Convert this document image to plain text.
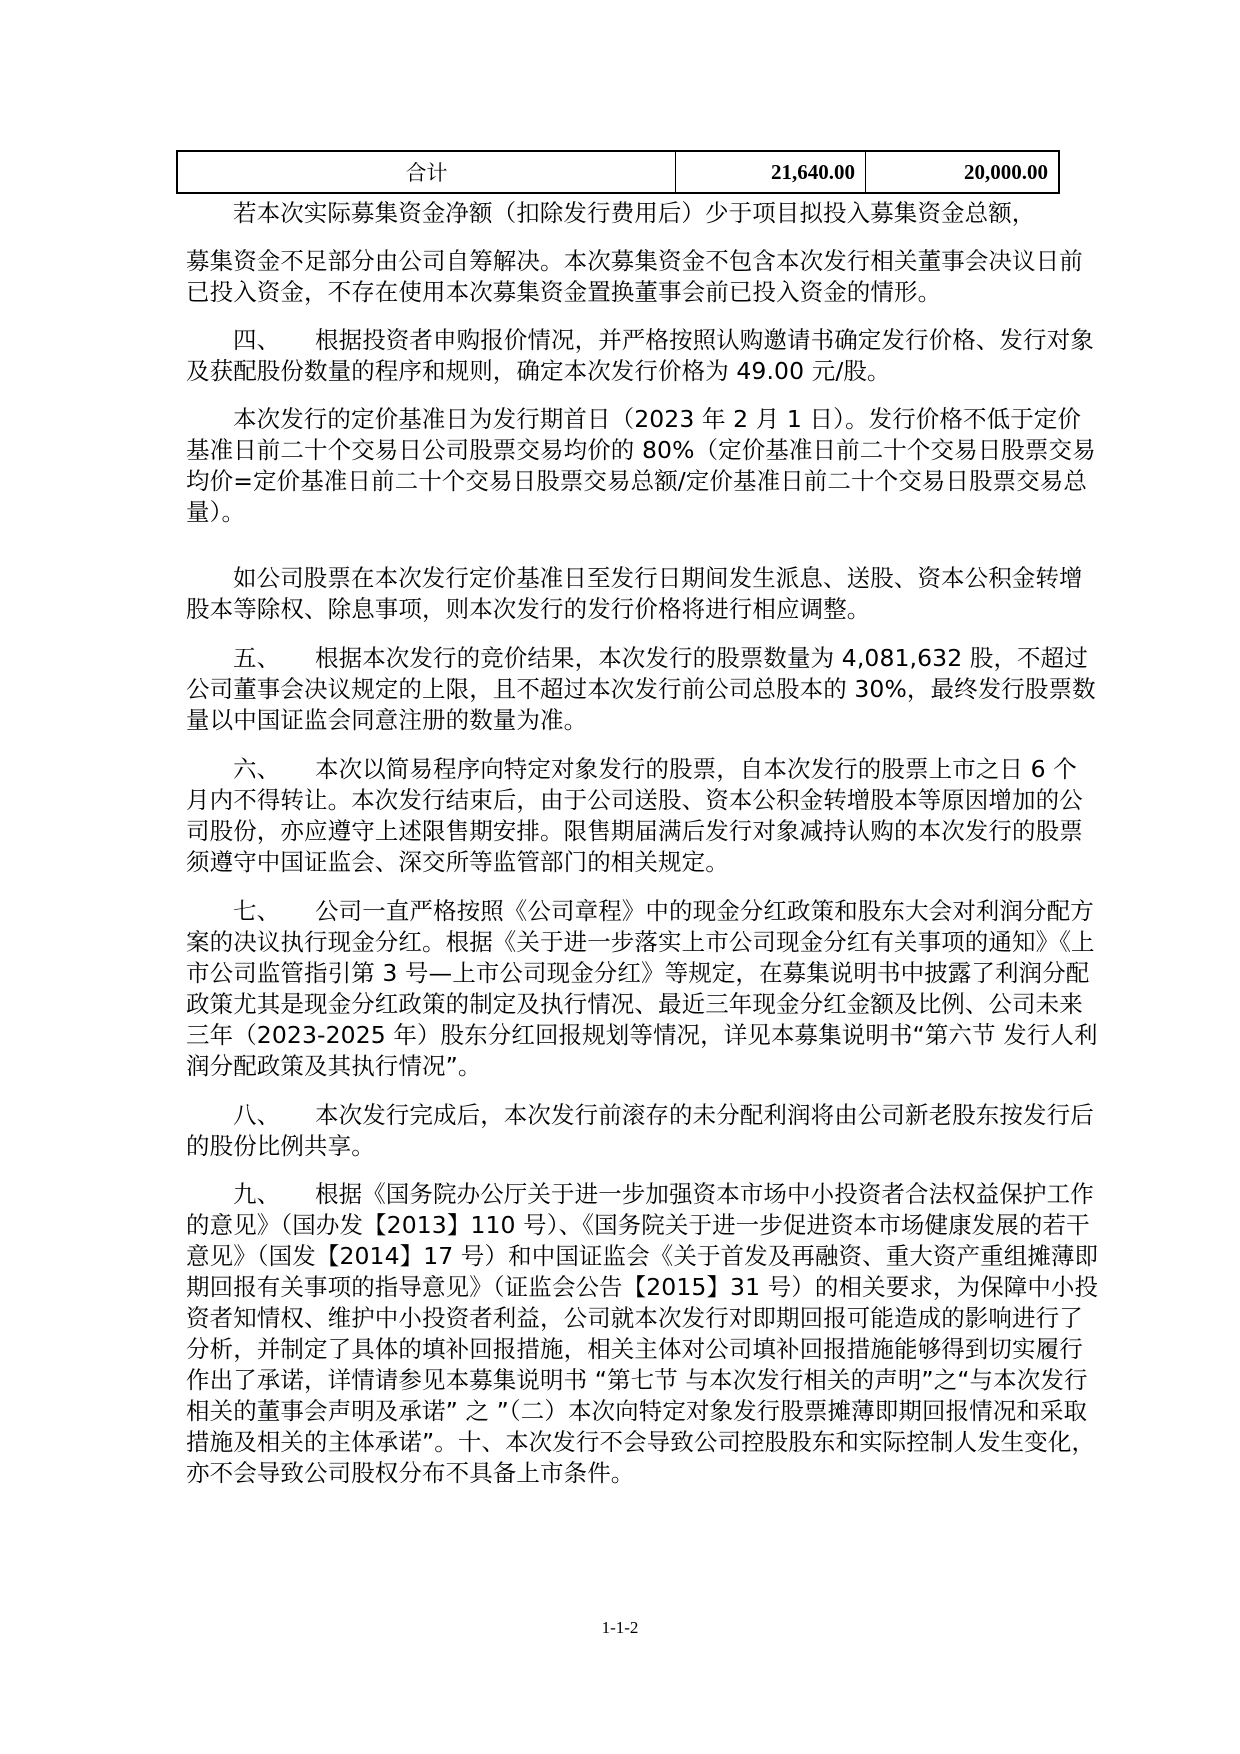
合计	21,640.00	20,000.00

若本次实际募集资金净额（扣除发行费用后）少于项目拟投入募集资金总额，

募集资金不足部分由公司自筹解决。本次募集资金不包含本次发行相关董事会决议日前已投入资金，不存在使用本次募集资金置换董事会前已投入资金的情形。

四、 根据投资者申购报价情况，并严格按照认购邀请书确定发行价格、发行对象及获配股份数量的程序和规则，确定本次发行价格为 49.00 元/股。

本次发行的定价基准日为发行期首日（2023 年 2 月 1 日）。发行价格不低于定价基准日前二十个交易日公司股票交易均价的 80%（定价基准日前二十个交易日股票交易均价=定价基准日前二十个交易日股票交易总额/定价基准日前二十个交易日股票交易总量）。

如公司股票在本次发行定价基准日至发行日期间发生派息、送股、资本公积金转增股本等除权、除息事项，则本次发行的发行价格将进行相应调整。

五、 根据本次发行的竞价结果，本次发行的股票数量为 4,081,632 股，不超过公司董事会决议规定的上限，且不超过本次发行前公司总股本的 30%，最终发行股票数量以中国证监会同意注册的数量为准。

六、 本次以简易程序向特定对象发行的股票，自本次发行的股票上市之日 6 个月内不得转让。本次发行结束后，由于公司送股、资本公积金转增股本等原因增加的公司股份，亦应遵守上述限售期安排。限售期届满后发行对象减持认购的本次发行的股票须遵守中国证监会、深交所等监管部门的相关规定。

七、 公司一直严格按照《公司章程》中的现金分红政策和股东大会对利润分配方案的决议执行现金分红。根据《关于进一步落实上市公司现金分红有关事项的通知》《上市公司监管指引第 3 号—上市公司现金分红》等规定，在募集说明书中披露了利润分配政策尤其是现金分红政策的制定及执行情况、最近三年现金分红金额及比例、公司未来三年（2023-2025 年）股东分红回报规划等情况，详见本募集说明书“第六节 发行人利润分配政策及其执行情况”。

八、 本次发行完成后，本次发行前滚存的未分配利润将由公司新老股东按发行后的股份比例共享。

九、 根据《国务院办公厅关于进一步加强资本市场中小投资者合法权益保护工作的意见》（国办发【2013】110 号）、《国务院关于进一步促进资本市场健康发展的若干意见》（国发【2014】17 号）和中国证监会《关于首发及再融资、重大资产重组摊薄即期回报有关事项的指导意见》（证监会公告【2015】31 号）的相关要求，为保障中小投资者知情权、维护中小投资者利益，公司就本次发行对即期回报可能造成的影响进行了分析，并制定了具体的填补回报措施，相关主体对公司填补回报措施能够得到切实履行作出了承诺，详情请参见本募集说明书 “第七节 与本次发行相关的声明”之“与本次发行相关的董事会声明及承诺” 之 ”（二）本次向特定对象发行股票摊薄即期回报情况和采取措施及相关的主体承诺”。十、本次发行不会导致公司控股股东和实际控制人发生变化，亦不会导致公司股权分布不具备上市条件。

1-1-2
